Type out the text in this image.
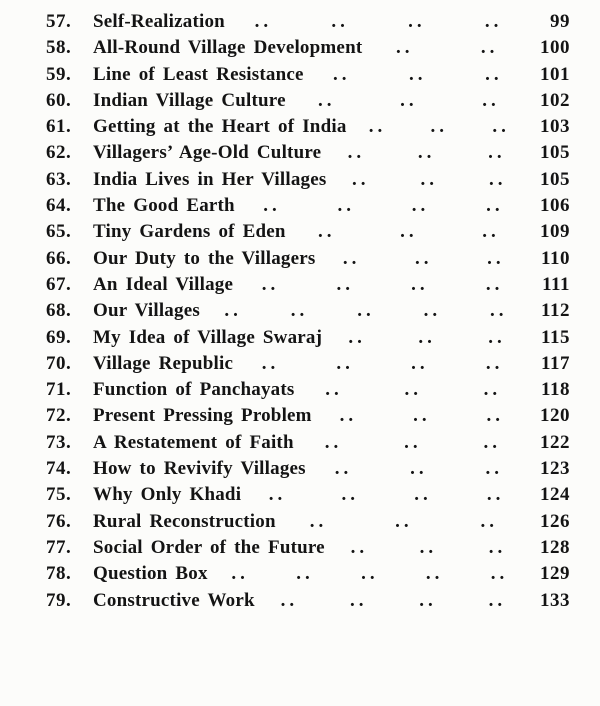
57.	Self-Realization ..	..	..	..	99
58.	All-Round Village Development ..	..	100
59.	Line of Least Resistance ..	..	..	101
60.	Indian Village Culture ..	..	..	102
61.	Getting at the Heart of India .. .. ..	103
62.	Villagers’ Age-Old Culture ..	..	..	105
63.	India Lives in Her Villages ..	..	..	105
64.	The Good Earth ..	..	..	..	106
65.	Tiny Gardens of Eden ..	..	..	109
66.	Our Duty to the Villagers ..	..	..	110
67.	An Ideal Village ..	..	..	..	111
68.	Our Villages ..	..	..	..	..	112
69.	My Idea of Village Swaraj ..	..	..	115
70.	Village Republic ..	..	..	..	117
71.	Function of Panchayats ..	..	..	118
72.	Present Pressing Problem ..	..	..	120
73.	A Restatement of Faith ..	..	..	122
74.	How to Revivify Villages ..	..	..	123
75.	Why Only Khadi ..	..	..	..	124
76.	Rural Reconstruction ..	..	..	126
77.	Social Order of the Future ..	..	..	128
78.	Question Box .. .. .. .. ..	129
79.	Constructive Work ..	..	..	..	133
